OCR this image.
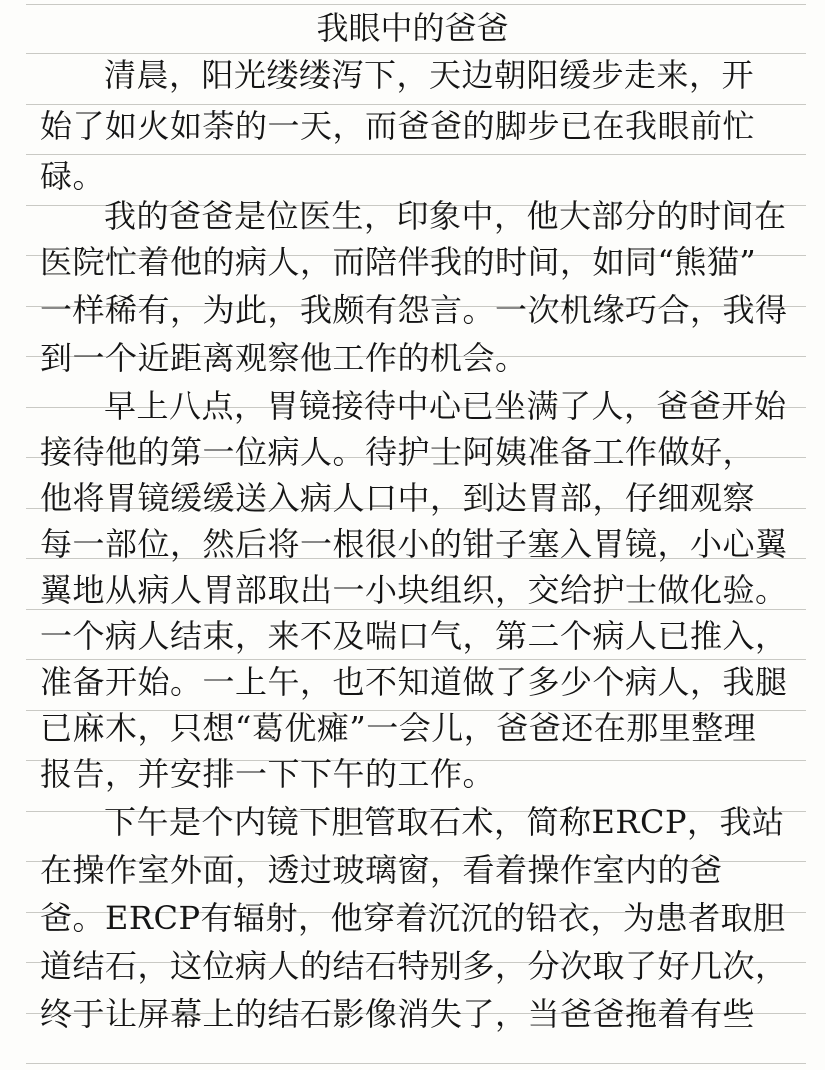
我眼中的爸爸
清晨，阳光缕缕泻下，天边朝阳缓步走来，开
始了如火如荼的一天，而爸爸的脚步已在我眼前忙
碌。
我的爸爸是位医生，印象中，他大部分的时间在
医院忙着他的病人，而陪伴我的时间，如同“熊猫”
一样稀有，为此，我颇有怨言。一次机缘巧合，我得
到一个近距离观察他工作的机会。
早上八点，胃镜接待中心已坐满了人，爸爸开始
接待他的第一位病人。待护士阿姨准备工作做好，
他将胃镜缓缓送入病人口中，到达胃部，仔细观察
每一部位，然后将一根很小的钳子塞入胃镜，小心翼
翼地从病人胃部取出一小块组织，交给护士做化验。
一个病人结束，来不及喘口气，第二个病人已推入，
准备开始。一上午，也不知道做了多少个病人，我腿
已麻木，只想“葛优瘫”一会儿，爸爸还在那里整理
报告，并安排一下下午的工作。
下午是个内镜下胆管取石术，简称ERCP，我站
在操作室外面，透过玻璃窗，看着操作室内的爸
爸。ERCP有辐射，他穿着沉沉的铅衣，为患者取胆
道结石，这位病人的结石特别多，分次取了好几次，
终于让屏幕上的结石影像消失了，当爸爸拖着有些
